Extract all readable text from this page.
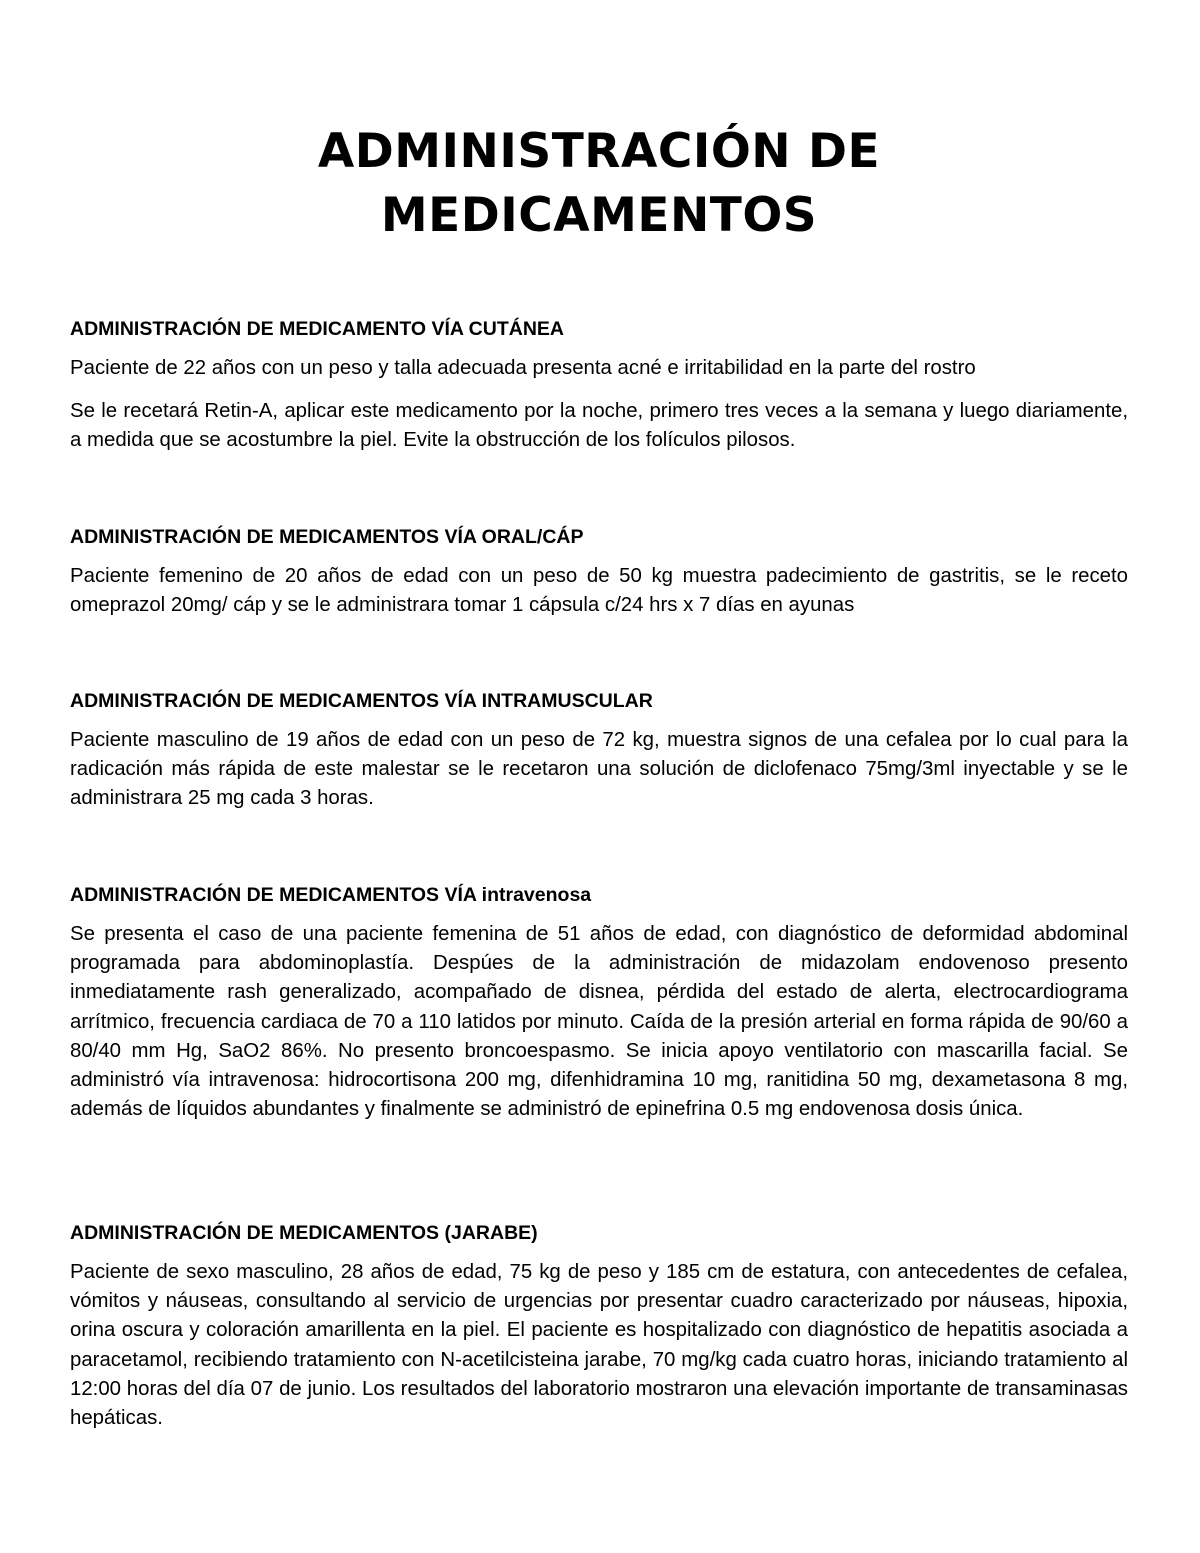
ADMINISTRACIÓN DE
MEDICAMENTOS
ADMINISTRACIÓN DE MEDICAMENTO VÍA CUTÁNEA

Paciente de 22 años con un peso y talla adecuada presenta acné e irritabilidad en la parte del rostro

Se le recetará Retin-A, aplicar este medicamento por la noche, primero tres veces a la semana y luego diariamente, a medida que se acostumbre la piel. Evite la obstrucción de los folículos pilosos.

ADMINISTRACIÓN DE MEDICAMENTOS VÍA ORAL/CÁP

Paciente femenino de 20 años de edad con un peso de 50 kg muestra padecimiento de gastritis, se le receto omeprazol 20mg/ cáp y se le administrara tomar 1 cápsula c/24 hrs x 7 días en ayunas

ADMINISTRACIÓN DE MEDICAMENTOS VÍA INTRAMUSCULAR

Paciente masculino de 19 años de edad con un peso de 72 kg, muestra signos de una cefalea por lo cual para la radicación más rápida de este malestar se le recetaron una solución de diclofenaco 75mg/3ml inyectable y se le administrara 25 mg cada 3 horas.

ADMINISTRACIÓN DE MEDICAMENTOS VÍA intravenosa

Se presenta el caso de una paciente femenina de 51 años de edad, con diagnóstico de deformidad abdominal programada para abdominoplastía. Despúes de la administración de midazolam endovenoso presento inmediatamente rash generalizado, acompañado de disnea, pérdida del estado de alerta, electrocardiograma arrítmico, frecuencia cardiaca de 70 a 110 latidos por minuto. Caída de la presión arterial en forma rápida de 90/60 a 80/40 mm Hg, SaO2 86%. No presento broncoespasmo. Se inicia apoyo ventilatorio con mascarilla facial. Se administró vía intravenosa: hidrocortisona 200 mg, difenhidramina 10 mg, ranitidina 50 mg, dexametasona 8 mg, además de líquidos abundantes y finalmente se administró de epinefrina 0.5 mg endovenosa dosis única.

ADMINISTRACIÓN DE MEDICAMENTOS (JARABE)

Paciente de sexo masculino, 28 años de edad, 75 kg de peso y 185 cm de estatura, con antecedentes de cefalea, vómitos y náuseas, consultando al servicio de urgencias por presentar cuadro caracterizado por náuseas, hipoxia, orina oscura y coloración amarillenta en la piel. El paciente es hospitalizado con diagnóstico de hepatitis asociada a paracetamol, recibiendo tratamiento con N-acetilcisteina jarabe, 70 mg/kg cada cuatro horas, iniciando tratamiento al 12:00 horas del día 07 de junio. Los resultados del laboratorio mostraron una elevación importante de transaminasas hepáticas.
